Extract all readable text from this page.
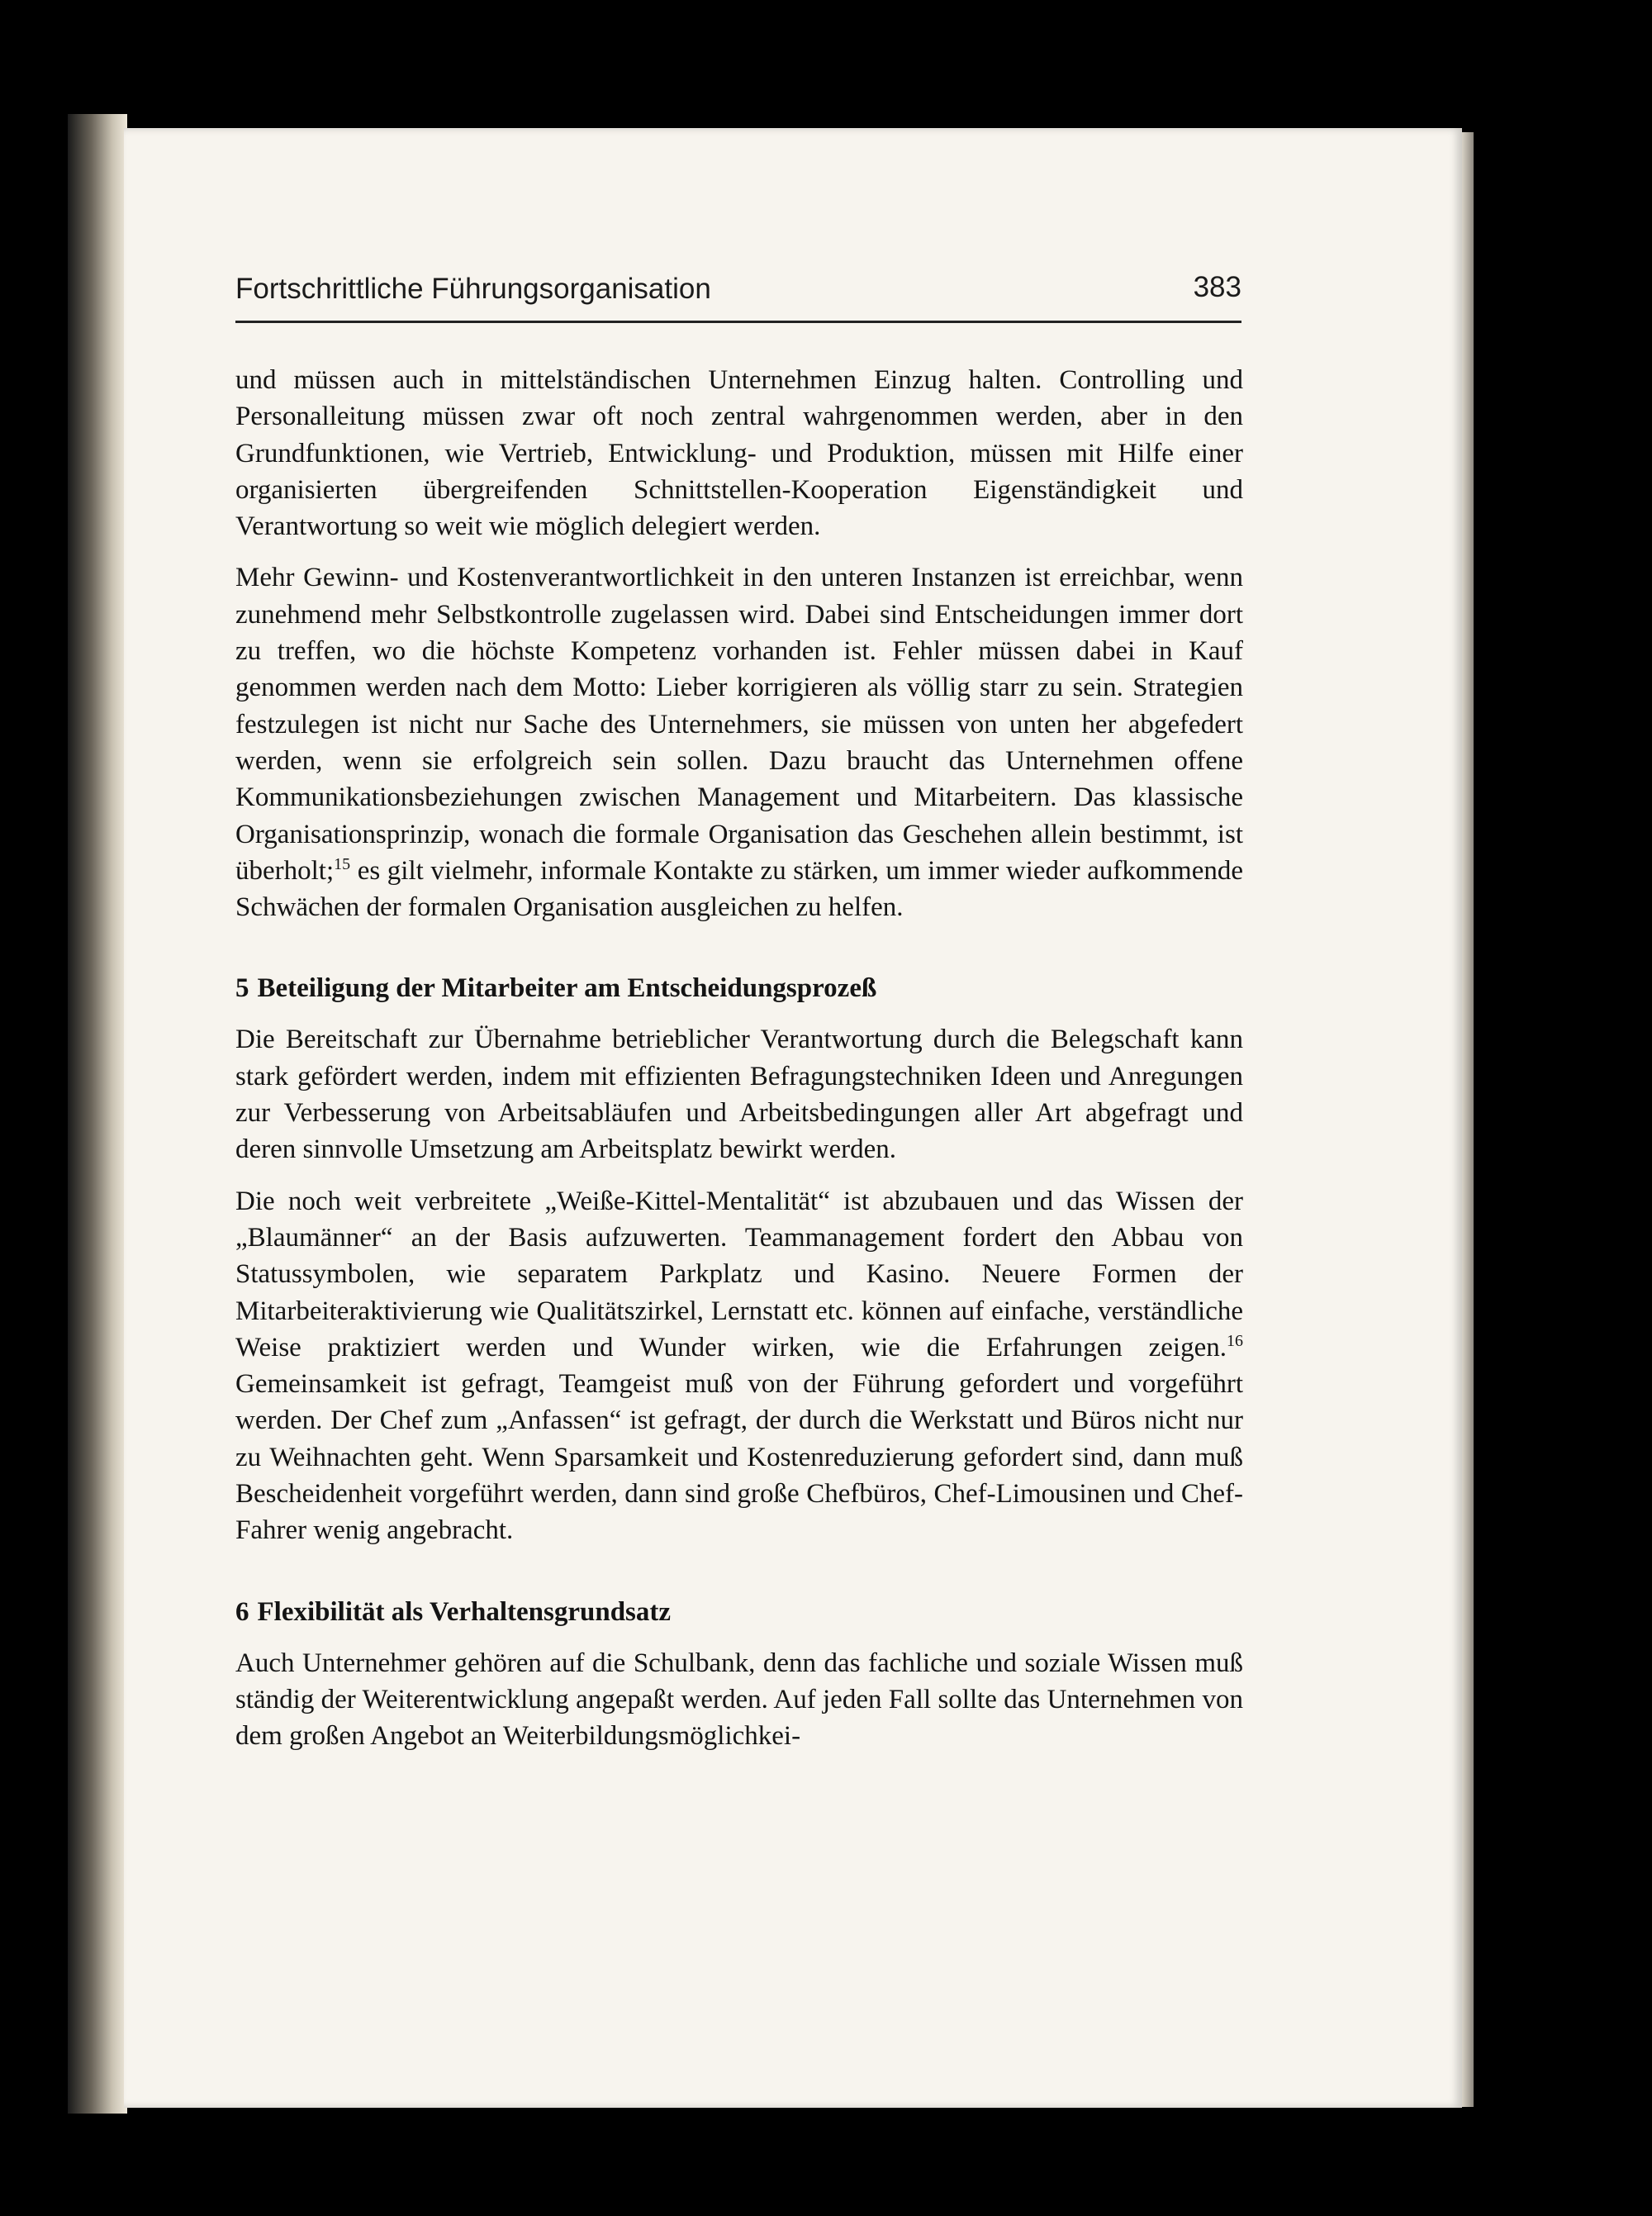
Fortschrittliche Führungsorganisation	383

und müssen auch in mittelständischen Unternehmen Einzug halten. Controlling und Personalleitung müssen zwar oft noch zentral wahrgenommen werden, aber in den Grundfunktionen, wie Vertrieb, Entwicklung- und Produktion, müssen mit Hilfe einer organisierten übergreifenden Schnittstellen-Kooperation Eigenständigkeit und Verantwortung so weit wie möglich delegiert werden.

Mehr Gewinn- und Kostenverantwortlichkeit in den unteren Instanzen ist erreichbar, wenn zunehmend mehr Selbstkontrolle zugelassen wird. Dabei sind Entscheidungen immer dort zu treffen, wo die höchste Kompetenz vorhanden ist. Fehler müssen dabei in Kauf genommen werden nach dem Motto: Lieber korrigieren als völlig starr zu sein. Strategien festzulegen ist nicht nur Sache des Unternehmers, sie müssen von unten her abgefedert werden, wenn sie erfolgreich sein sollen. Dazu braucht das Unternehmen offene Kommunikationsbeziehungen zwischen Management und Mitarbeitern. Das klassische Organisationsprinzip, wonach die formale Organisation das Geschehen allein bestimmt, ist überholt;$^{15}$ es gilt vielmehr, informale Kontakte zu stärken, um immer wieder aufkommende Schwächen der formalen Organisation ausgleichen zu helfen.

5 Beteiligung der Mitarbeiter am Entscheidungsprozeß

Die Bereitschaft zur Übernahme betrieblicher Verantwortung durch die Belegschaft kann stark gefördert werden, indem mit effizienten Befragungstechniken Ideen und Anregungen zur Verbesserung von Arbeitsabläufen und Arbeitsbedingungen aller Art abgefragt und deren sinnvolle Umsetzung am Arbeitsplatz bewirkt werden.

Die noch weit verbreitete „Weiße-Kittel-Mentalität“ ist abzubauen und das Wissen der „Blaumänner“ an der Basis aufzuwerten. Teammanagement fordert den Abbau von Statussymbolen, wie separatem Parkplatz und Kasino. Neuere Formen der Mitarbeiteraktivierung wie Qualitätszirkel, Lernstatt etc. können auf einfache, verständliche Weise praktiziert werden und Wunder wirken, wie die Erfahrungen zeigen.$^{16}$ Gemeinsamkeit ist gefragt, Teamgeist muß von der Führung gefordert und vorgeführt werden. Der Chef zum „Anfassen“ ist gefragt, der durch die Werkstatt und Büros nicht nur zu Weihnachten geht. Wenn Sparsamkeit und Kostenreduzierung gefordert sind, dann muß Bescheidenheit vorgeführt werden, dann sind große Chefbüros, Chef-Limousinen und Chef-Fahrer wenig angebracht.

6 Flexibilität als Verhaltensgrundsatz

Auch Unternehmer gehören auf die Schulbank, denn das fachliche und soziale Wissen muß ständig der Weiterentwicklung angepaßt werden. Auf jeden Fall sollte das Unternehmen von dem großen Angebot an Weiterbildungsmöglichkei-
